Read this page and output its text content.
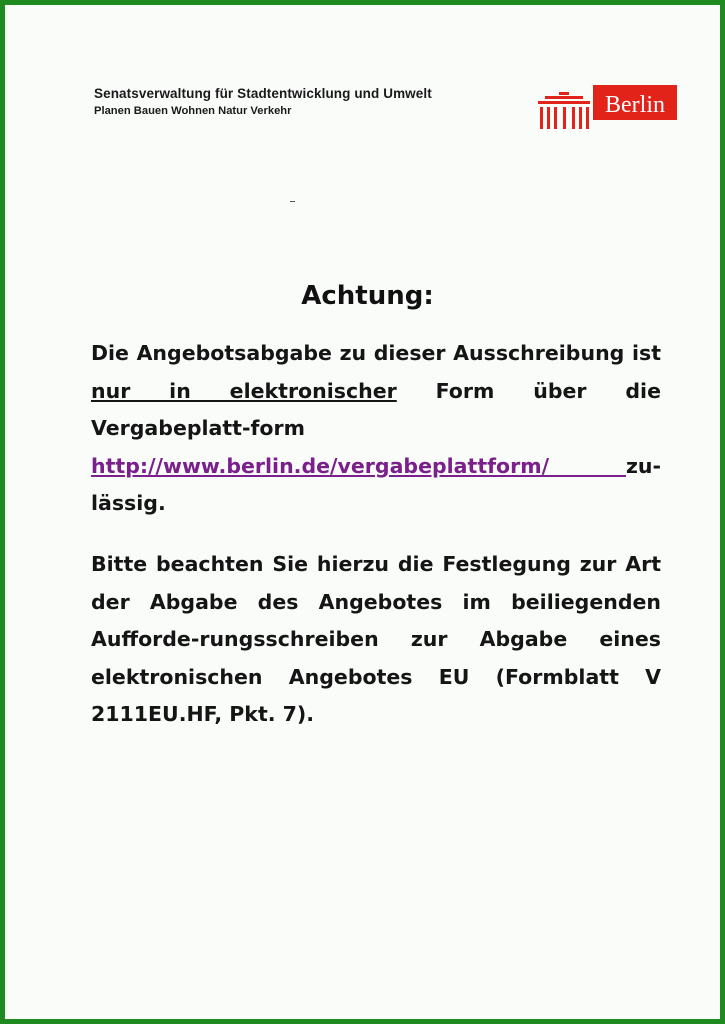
Senatsverwaltung für Stadtentwicklung und Umwelt
Planen Bauen Wohnen Natur Verkehr	Berlin
Achtung:
Die Angebotsabgabe zu dieser Ausschreibung ist nur in elektronischer Form über die Vergabeplatt-form http://www.berlin.de/vergabeplattform/ zu-lässig.
Bitte beachten Sie hierzu die Festlegung zur Art der Abgabe des Angebotes im beiliegenden Aufforde-rungsschreiben zur Abgabe eines elektronischen Angebotes EU (Formblatt V 2111EU.HF, Pkt. 7).
